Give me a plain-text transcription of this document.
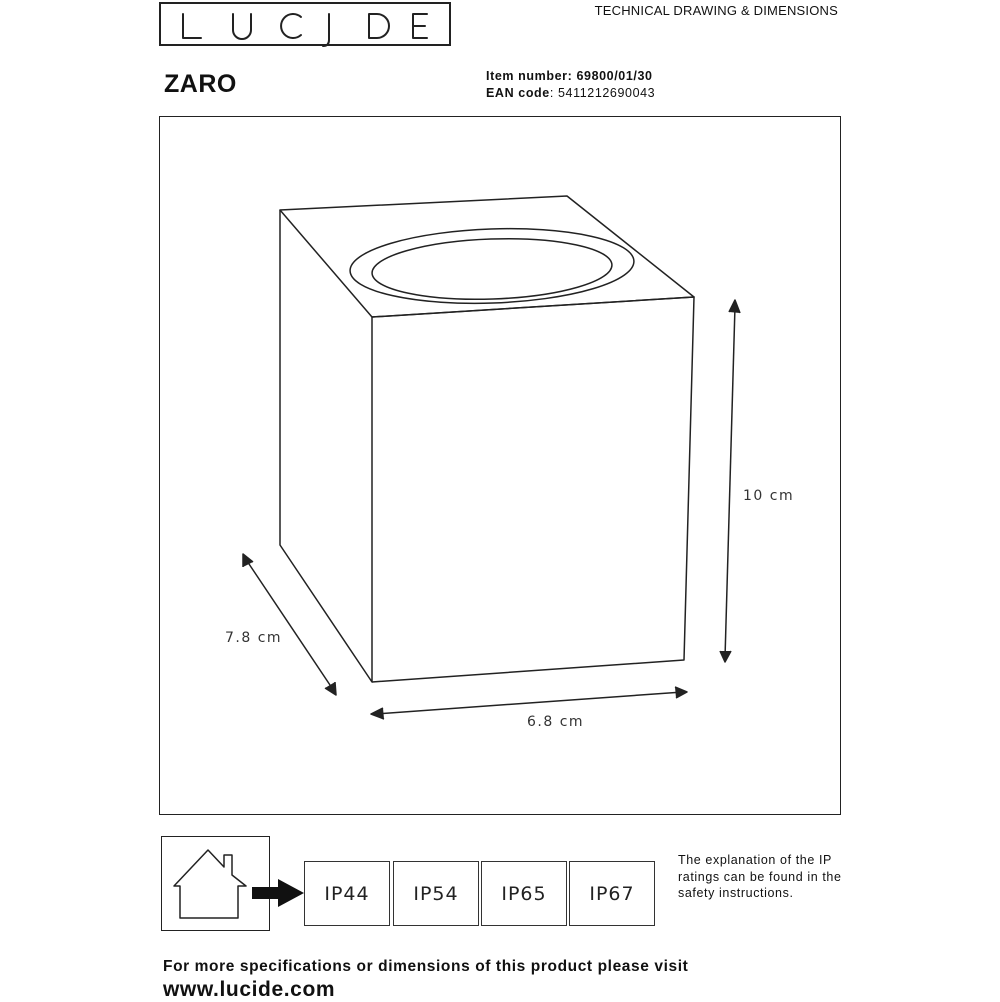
TECHNICAL DRAWING & DIMENSIONS
ZARO	Item number: 69800/01/30
EAN code: 5411212690043
10 cm
7.8 cm
6.8 cm
IP44	IP54	IP65	IP67
The explanation of the IP ratings can be found in the safety instructions.
For more specifications or dimensions of this product please visit
www.lucide.com
